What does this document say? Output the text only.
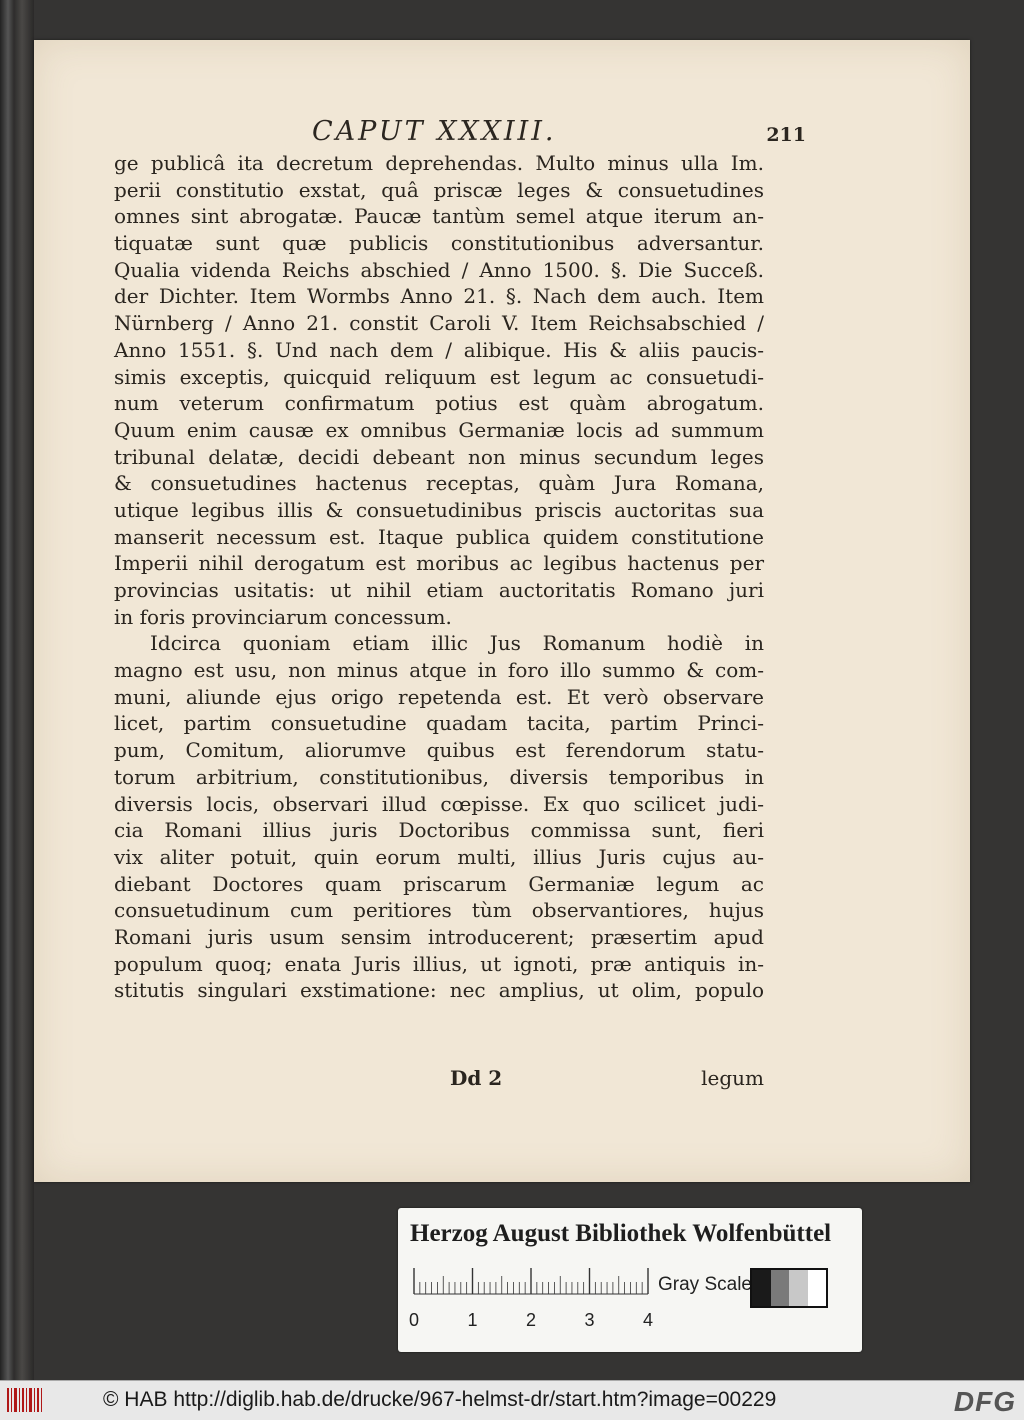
CAPUT XXXIII.	211
ge publicâ ita decretum deprehendas. Multo minus ulla Im.
perii constitutio exstat, quâ priscæ leges & consuetudines
omnes sint abrogatæ. Paucæ tantùm semel atque iterum an-
tiquatæ sunt quæ publicis constitutionibus adversantur.
Qualia videnda Reichs abschied / Anno 1500. §. Die Succeß.
der Dichter. Item Wormbs Anno 21. §. Nach dem auch. Item
Nürnberg / Anno 21. constit Caroli V. Item Reichsabschied /
Anno 1551. §. Und nach dem / alibique. His & aliis paucis-
simis exceptis, quicquid reliquum est legum ac consuetudi-
num veterum confirmatum potius est quàm abrogatum.
Quum enim causæ ex omnibus Germaniæ locis ad summum
tribunal delatæ, decidi debeant non minus secundum leges
& consuetudines hactenus receptas, quàm Jura Romana,
utique legibus illis & consuetudinibus priscis auctoritas sua
manserit necessum est. Itaque publica quidem constitutione
Imperii nihil derogatum est moribus ac legibus hactenus per
provincias usitatis: ut nihil etiam auctoritatis Romano juri
in foris provinciarum concessum.
Idcirca quoniam etiam illic Jus Romanum hodiè in
magno est usu, non minus atque in foro illo summo & com-
muni, aliunde ejus origo repetenda est. Et verò observare
licet, partim consuetudine quadam tacita, partim Princi-
pum, Comitum, aliorumve quibus est ferendorum statu-
torum arbitrium, constitutionibus, diversis temporibus in
diversis locis, observari illud cœpisse. Ex quo scilicet judi-
cia Romani illius juris Doctoribus commissa sunt, fieri
vix aliter potuit, quin eorum multi, illius Juris cujus au-
diebant Doctores quam priscarum Germaniæ legum ac
consuetudinum cum peritiores tùm observantiores, hujus
Romani juris usum sensim introducerent; præsertim apud
populum quoq; enata Juris illius, ut ignoti, præ antiquis in-
stitutis singulari exstimatione: nec amplius, ut olim, populo
Dd 2	legum
Herzog August Bibliothek Wolfenbüttel
0	1	2	3	4
Gray Scale
© HAB http://diglib.hab.de/drucke/967-helmst-dr/start.htm?image=00229	DFG
